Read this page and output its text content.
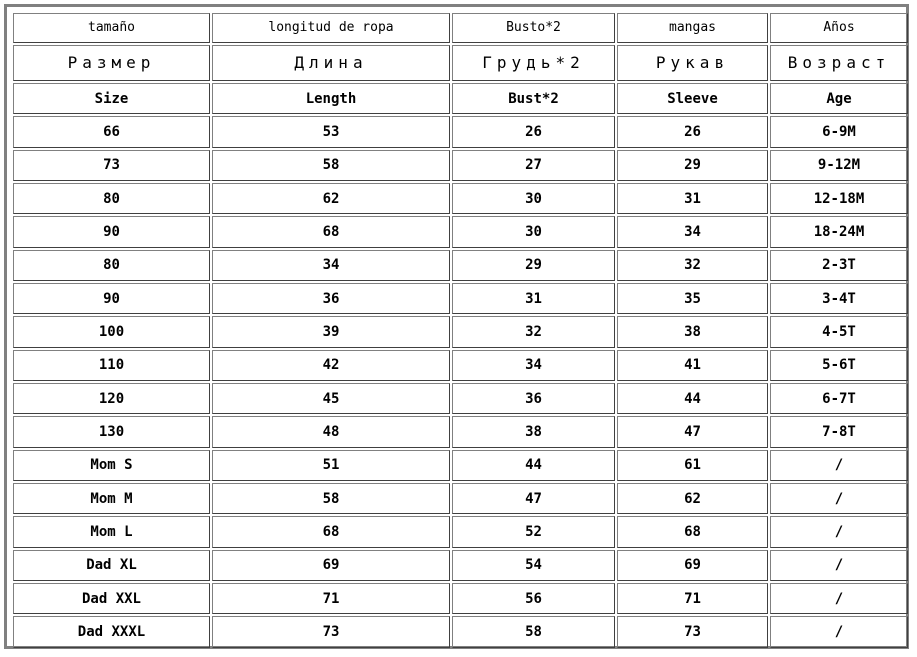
tamaño	longitud de ropa	Busto*2	mangas	Años
Размер	Длина	Грудь*2	Рукав	Возраст
Size	Length	Bust*2	Sleeve	Age
66	53	26	26	6-9M
73	58	27	29	9-12M
80	62	30	31	12-18M
90	68	30	34	18-24M
80	34	29	32	2-3T
90	36	31	35	3-4T
100	39	32	38	4-5T
110	42	34	41	5-6T
120	45	36	44	6-7T
130	48	38	47	7-8T
Mom S	51	44	61	/
Mom M	58	47	62	/
Mom L	68	52	68	/
Dad XL	69	54	69	/
Dad XXL	71	56	71	/
Dad XXXL	73	58	73	/
